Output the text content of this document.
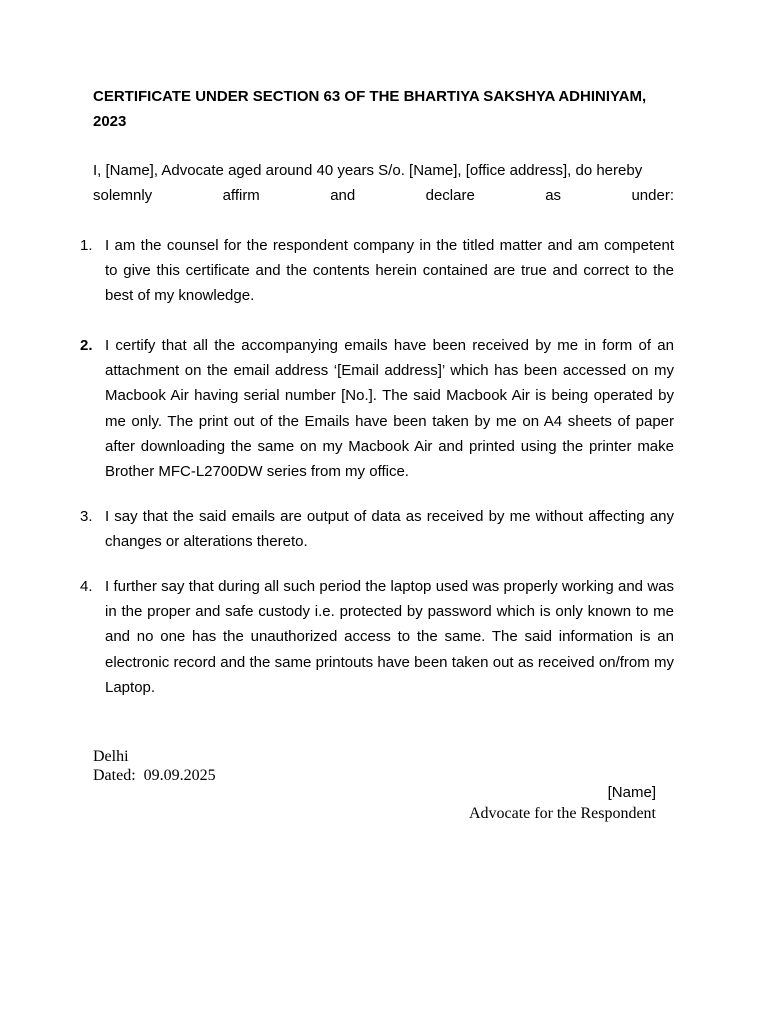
CERTIFICATE UNDER SECTION 63 OF THE BHARTIYA SAKSHYA ADHINIYAM, 2023

I, [Name], Advocate aged around 40 years S/o. [Name], [office address], do hereby
solemnly	affirm	and	declare	as	under:
1. I am the counsel for the respondent company in the titled matter and am competent to give this certificate and the contents herein contained are true and correct to the best of my knowledge.
2. I certify that all the accompanying emails have been received by me in form of an attachment on the email address ‘[Email address]’ which has been accessed on my Macbook Air having serial number [No.]. The said Macbook Air is being operated by me only. The print out of the Emails have been taken by me on A4 sheets of paper after downloading the same on my Macbook Air and printed using the printer make Brother MFC-L2700DW series from my office.
3. I say that the said emails are output of data as received by me without affecting any changes or alterations thereto.
4. I further say that during all such period the laptop used was properly working and was in the proper and safe custody i.e. protected by password which is only known to me and no one has the unauthorized access to the same. The said information is an electronic record and the same printouts have been taken out as received on/from my Laptop.
Delhi
Dated: 09.09.2025
[Name]
Advocate for the Respondent
